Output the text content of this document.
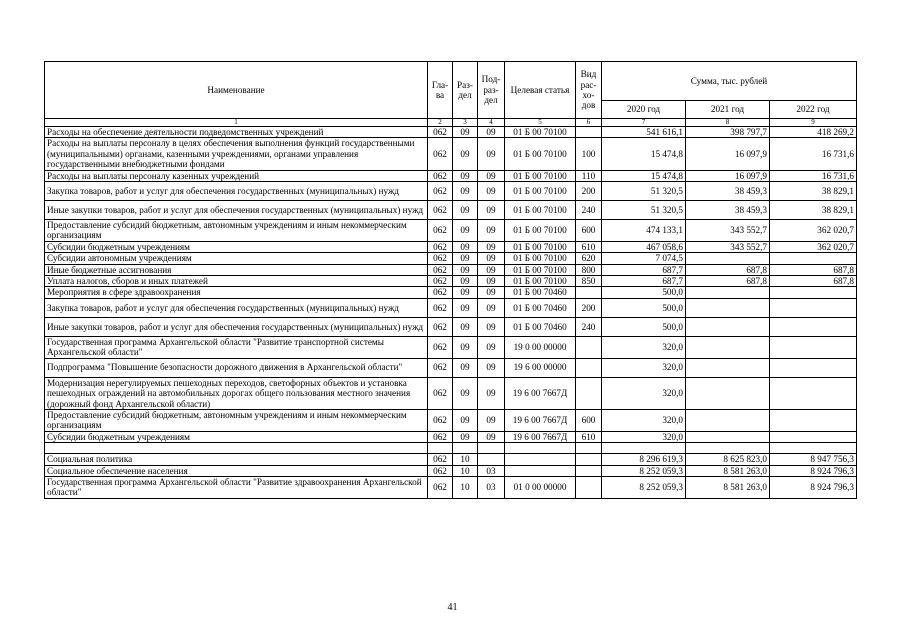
Наименование	Гла-ва	Раз-дел	Под-раз-дел	Целевая статья	Вид рас-хо-дов	Сумма, тыс. рублей		
						2020 год	2021 год	2022 год
1	2	3	4	5	6	7	8	9
Расходы на обеспечение деятельности подведомственных учреждений	062	09	09	01 Б 00 70100		541 616,1	398 797,7	418 269,2
Расходы на выплаты персоналу в целях обеспечения выполнения функций государственными (муниципальными) органами, казенными учреждениями, органами управления государственными внебюджетными фондами	062	09	09	01 Б 00 70100	100	15 474,8	16 097,9	16 731,6
Расходы на выплаты персоналу казенных учреждений	062	09	09	01 Б 00 70100	110	15 474,8	16 097,9	16 731,6
Закупка товаров, работ и услуг для обеспечения государственных (муниципальных) нужд	062	09	09	01 Б 00 70100	200	51 320,5	38 459,3	38 829,1
Иные закупки товаров, работ и услуг для обеспечения государственных (муниципальных) нужд	062	09	09	01 Б 00 70100	240	51 320,5	38 459,3	38 829,1
Предоставление субсидий бюджетным, автономным учреждениям и иным некоммерческим организациям	062	09	09	01 Б 00 70100	600	474 133,1	343 552,7	362 020,7
Субсидии бюджетным учреждениям	062	09	09	01 Б 00 70100	610	467 058,6	343 552,7	362 020,7
Субсидии автономным учреждениям	062	09	09	01 Б 00 70100	620	7 074,5		
Иные бюджетные ассигнования	062	09	09	01 Б 00 70100	800	687,7	687,8	687,8
Уплата налогов, сборов и иных платежей	062	09	09	01 Б 00 70100	850	687,7	687,8	687,8
Мероприятия в сфере здравоохранения	062	09	09	01 Б 00 70460		500,0		
Закупка товаров, работ и услуг для обеспечения государственных (муниципальных) нужд	062	09	09	01 Б 00 70460	200	500,0		
Иные закупки товаров, работ и услуг для обеспечения государственных (муниципальных) нужд	062	09	09	01 Б 00 70460	240	500,0		
Государственная программа Архангельской области "Развитие транспортной системы Архангельской области"	062	09	09	19 0 00 00000		320,0		
Подпрограмма "Повышение безопасности дорожного движения в Архангельской области"	062	09	09	19 6 00 00000		320,0		
Модернизация нерегулируемых пешеходных переходов, светофорных объектов и установка пешеходных ограждений на автомобильных дорогах общего пользования местного значения (дорожный фонд Архангельской области)	062	09	09	19 6 00 7667Д		320,0		
Предоставление субсидий бюджетным, автономным учреждениям и иным некоммерческим организациям	062	09	09	19 6 00 7667Д	600	320,0		
Субсидии бюджетным учреждениям	062	09	09	19 6 00 7667Д	610	320,0		

Социальная политика	062	10				8 296 619,3	8 625 823,0	8 947 756,3
Социальное обеспечение населения	062	10	03			8 252 059,3	8 581 263,0	8 924 796,3
Государственная программа Архангельской области "Развитие здравоохранения Архангельской области"	062	10	03	01 0 00 00000		8 252 059,3	8 581 263,0	8 924 796,3
41
